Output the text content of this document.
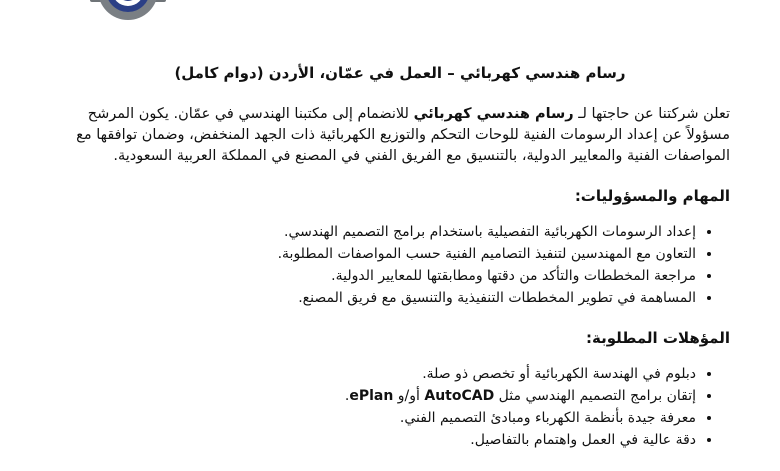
رسام هندسي كهربائي – العمل في عمّان، الأردن (دوام كامل)

تعلن شركتنا عن حاجتها لـ رسام هندسي كهربائي للانضمام إلى مكتبنا الهندسي في عمّان. يكون المرشح مسؤولاً عن إعداد الرسومات الفنية للوحات التحكم والتوزيع الكهربائية ذات الجهد المنخفض، وضمان توافقها مع المواصفات الفنية والمعايير الدولية، بالتنسيق مع الفريق الفني في المصنع في المملكة العربية السعودية.

المهام والمسؤوليات:
• إعداد الرسومات الكهربائية التفصيلية باستخدام برامج التصميم الهندسي.
• التعاون مع المهندسين لتنفيذ التصاميم الفنية حسب المواصفات المطلوبة.
• مراجعة المخططات والتأكد من دقتها ومطابقتها للمعايير الدولية.
• المساهمة في تطوير المخططات التنفيذية والتنسيق مع فريق المصنع.
المؤهلات المطلوبة:
• دبلوم في الهندسة الكهربائية أو تخصص ذو صلة.
• إتقان برامج التصميم الهندسي مثل AutoCAD أو/و ePlan.
• معرفة جيدة بأنظمة الكهرباء ومبادئ التصميم الفني.
• دقة عالية في العمل واهتمام بالتفاصيل.
